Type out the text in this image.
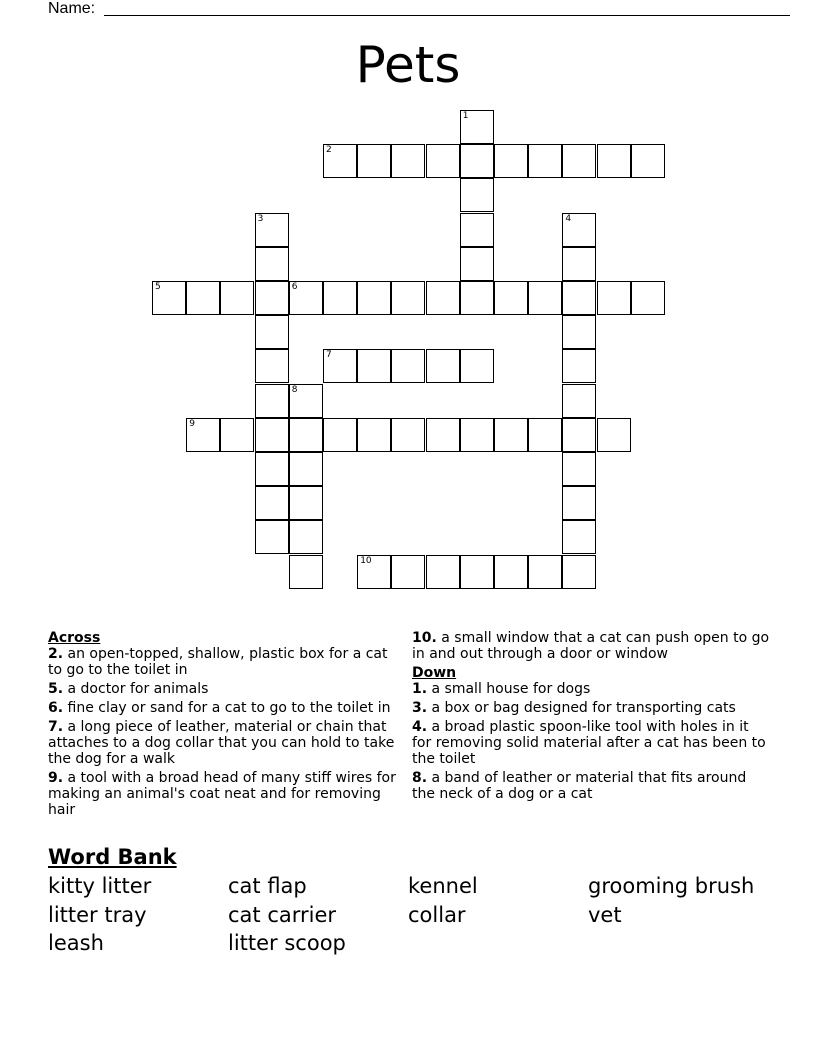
Name:
Pets
1
2
3	4
5	6
7
8
9
10
Across
2. an open-topped, shallow, plastic box for a cat to go to the toilet in
5. a doctor for animals
6. fine clay or sand for a cat to go to the toilet in
7. a long piece of leather, material or chain that attaches to a dog collar that you can hold to take the dog for a walk
9. a tool with a broad head of many stiff wires for making an animal's coat neat and for removing hair
10. a small window that a cat can push open to go in and out through a door or window
Down
1. a small house for dogs
3. a box or bag designed for transporting cats
4. a broad plastic spoon-like tool with holes in it for removing solid material after a cat has been to the toilet
8. a band of leather or material that fits around the neck of a dog or a cat
Word Bank
kitty litter	cat flap	kennel	grooming brush
litter tray	cat carrier	collar	vet
leash	litter scoop
